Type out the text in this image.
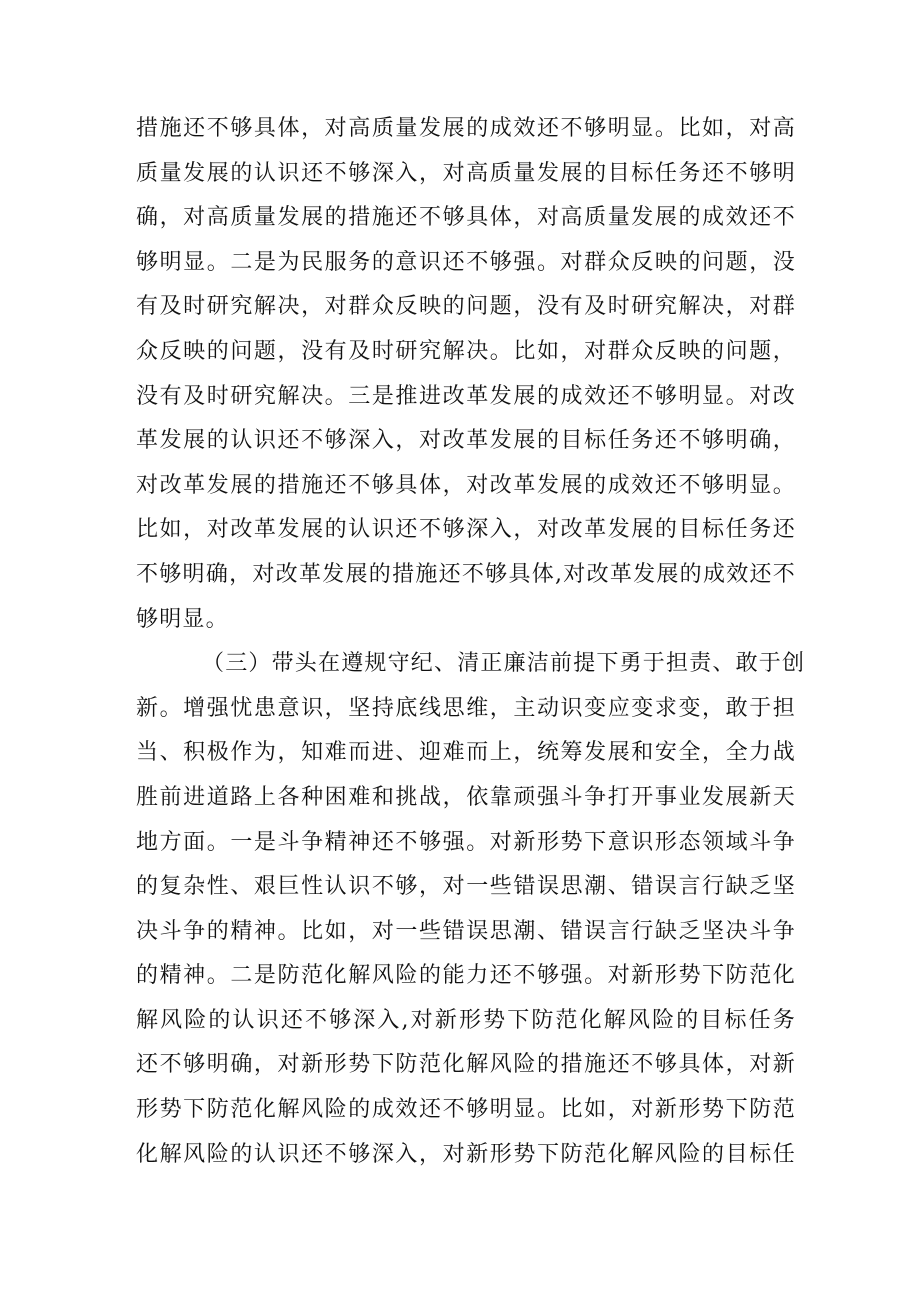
措施还不够具体，对高质量发展的成效还不够明显。比如，对高
质量发展的认识还不够深入，对高质量发展的目标任务还不够明
确，对高质量发展的措施还不够具体，对高质量发展的成效还不
够明显。二是为民服务的意识还不够强。对群众反映的问题，没
有及时研究解决，对群众反映的问题，没有及时研究解决，对群
众反映的问题，没有及时研究解决。比如，对群众反映的问题，
没有及时研究解决。三是推进改革发展的成效还不够明显。对改
革发展的认识还不够深入，对改革发展的目标任务还不够明确，
对改革发展的措施还不够具体，对改革发展的成效还不够明显。
比如，对改革发展的认识还不够深入，对改革发展的目标任务还
不够明确，对改革发展的措施还不够具体,对改革发展的成效还不
够明显。
（三）带头在遵规守纪、清正廉洁前提下勇于担责、敢于创
新。增强忧患意识，坚持底线思维，主动识变应变求变，敢于担
当、积极作为，知难而进、迎难而上，统筹发展和安全，全力战
胜前进道路上各种困难和挑战，依靠顽强斗争打开事业发展新天
地方面。一是斗争精神还不够强。对新形势下意识形态领域斗争
的复杂性、艰巨性认识不够，对一些错误思潮、错误言行缺乏坚
决斗争的精神。比如，对一些错误思潮、错误言行缺乏坚决斗争
的精神。二是防范化解风险的能力还不够强。对新形势下防范化
解风险的认识还不够深入,对新形势下防范化解风险的目标任务
还不够明确，对新形势下防范化解风险的措施还不够具体，对新
形势下防范化解风险的成效还不够明显。比如，对新形势下防范
化解风险的认识还不够深入，对新形势下防范化解风险的目标任
